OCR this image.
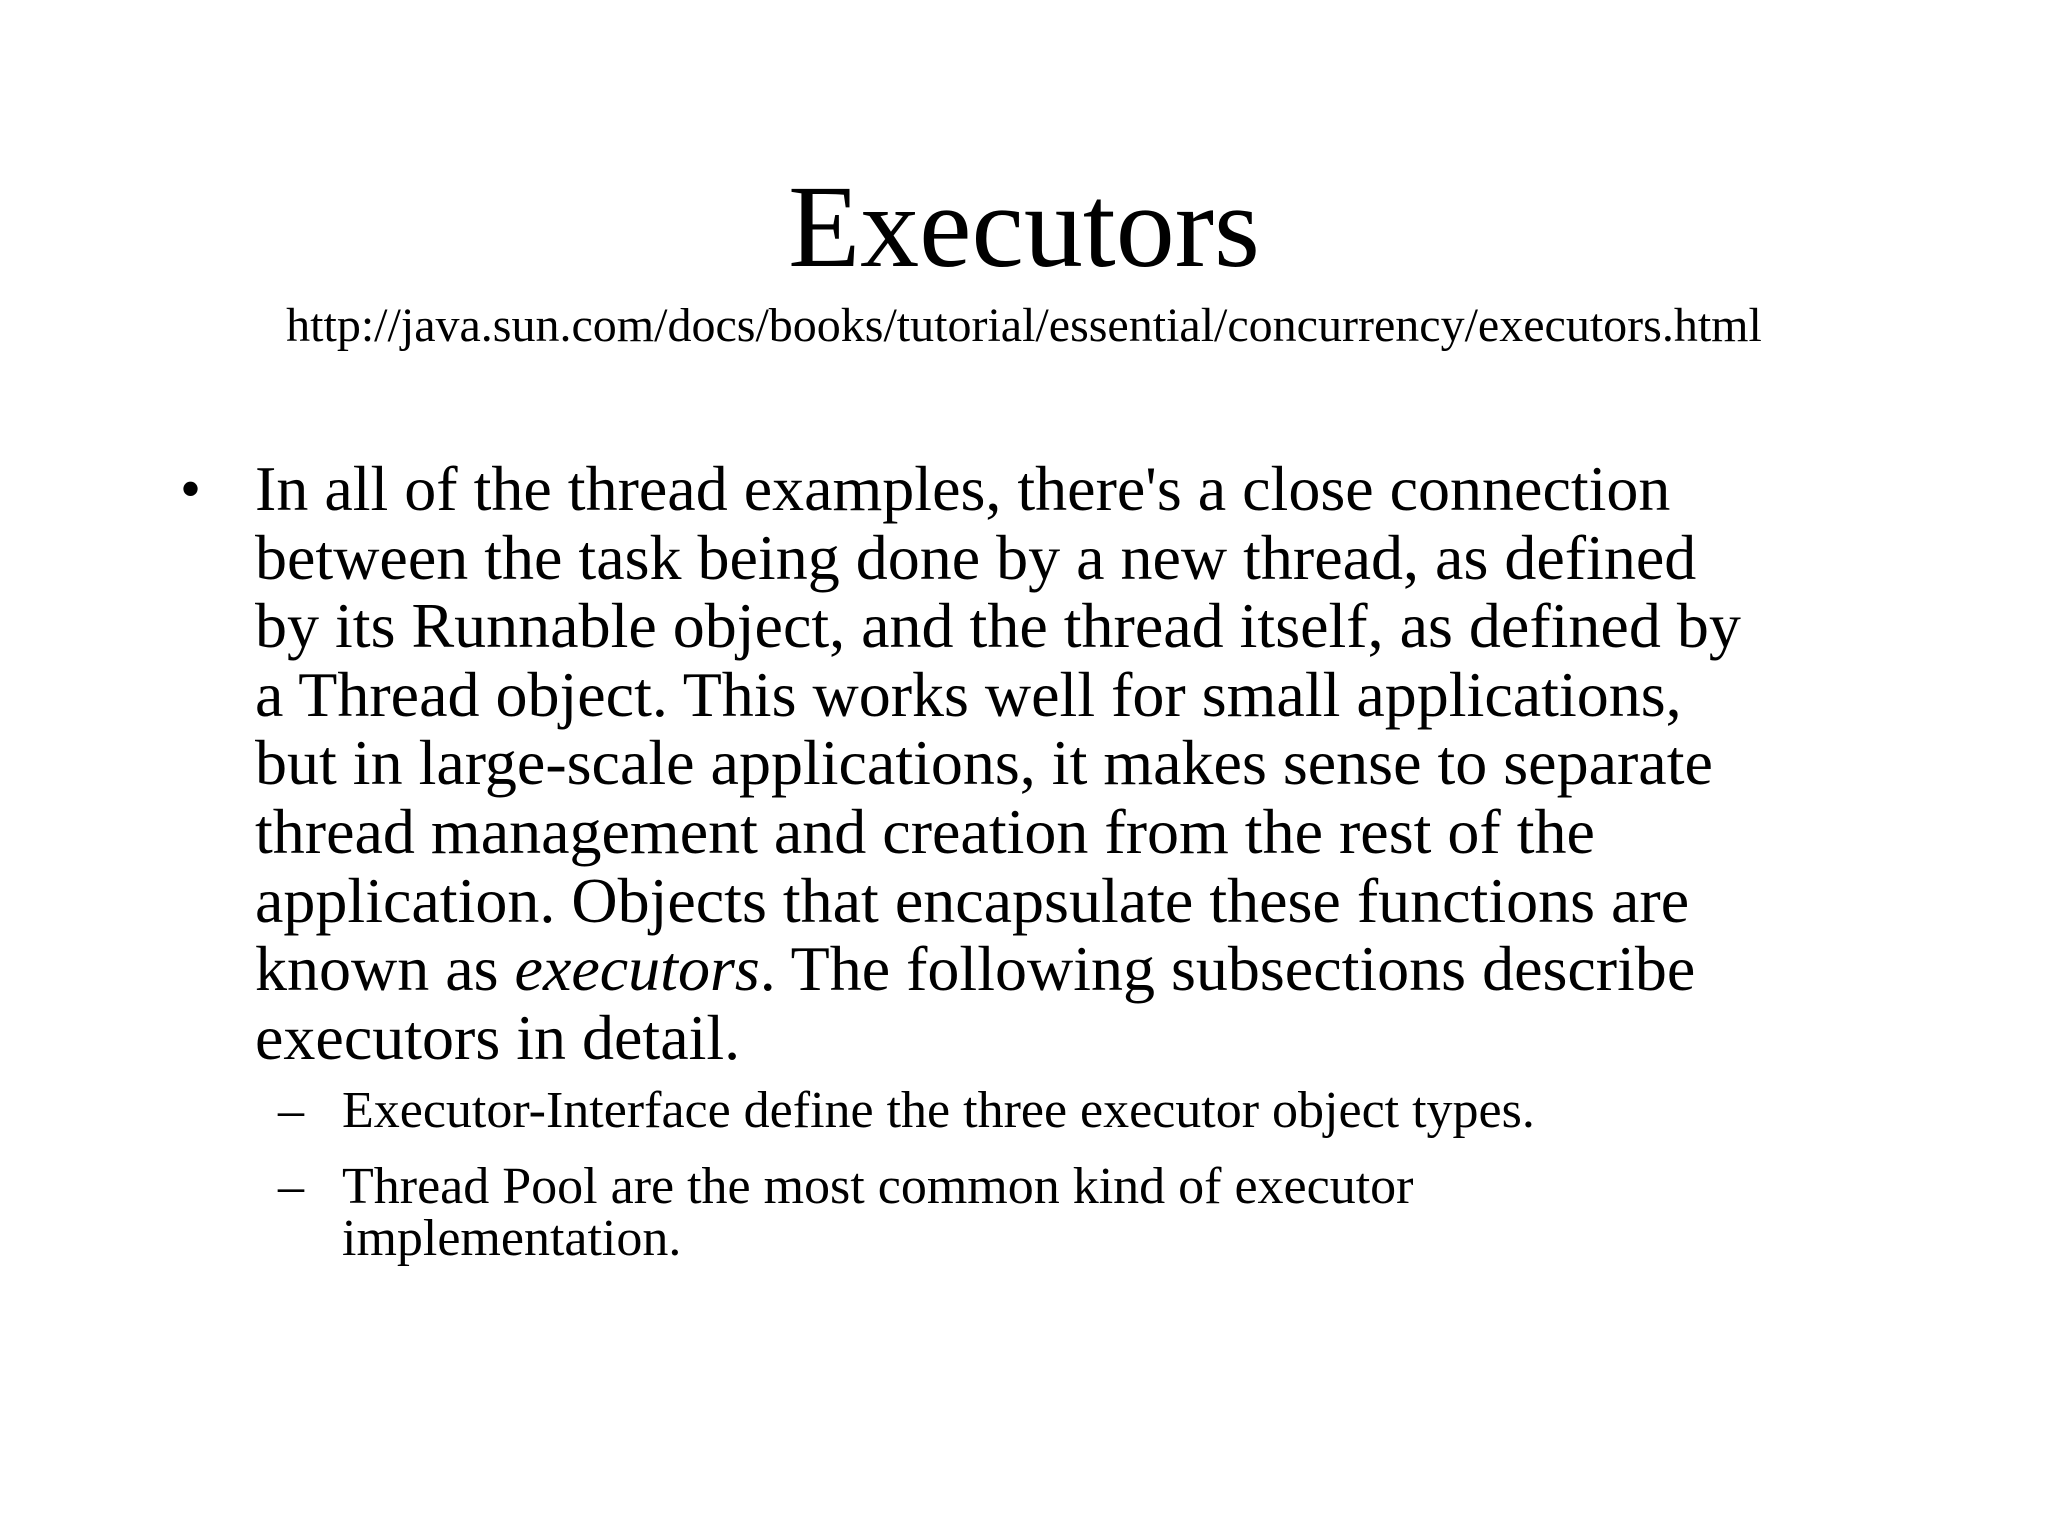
Executors
http://java.sun.com/docs/books/tutorial/essential/concurrency/executors.html
• In all of the thread examples, there's a close connection
between the task being done by a new thread, as defined
by its Runnable object, and the thread itself, as defined by
a Thread object. This works well for small applications,
but in large-scale applications, it makes sense to separate
thread management and creation from the rest of the
application. Objects that encapsulate these functions are
known as executors. The following subsections describe
executors in detail.
– Executor-Interface define the three executor object types.
– Thread Pool are the most common kind of executor
implementation.
